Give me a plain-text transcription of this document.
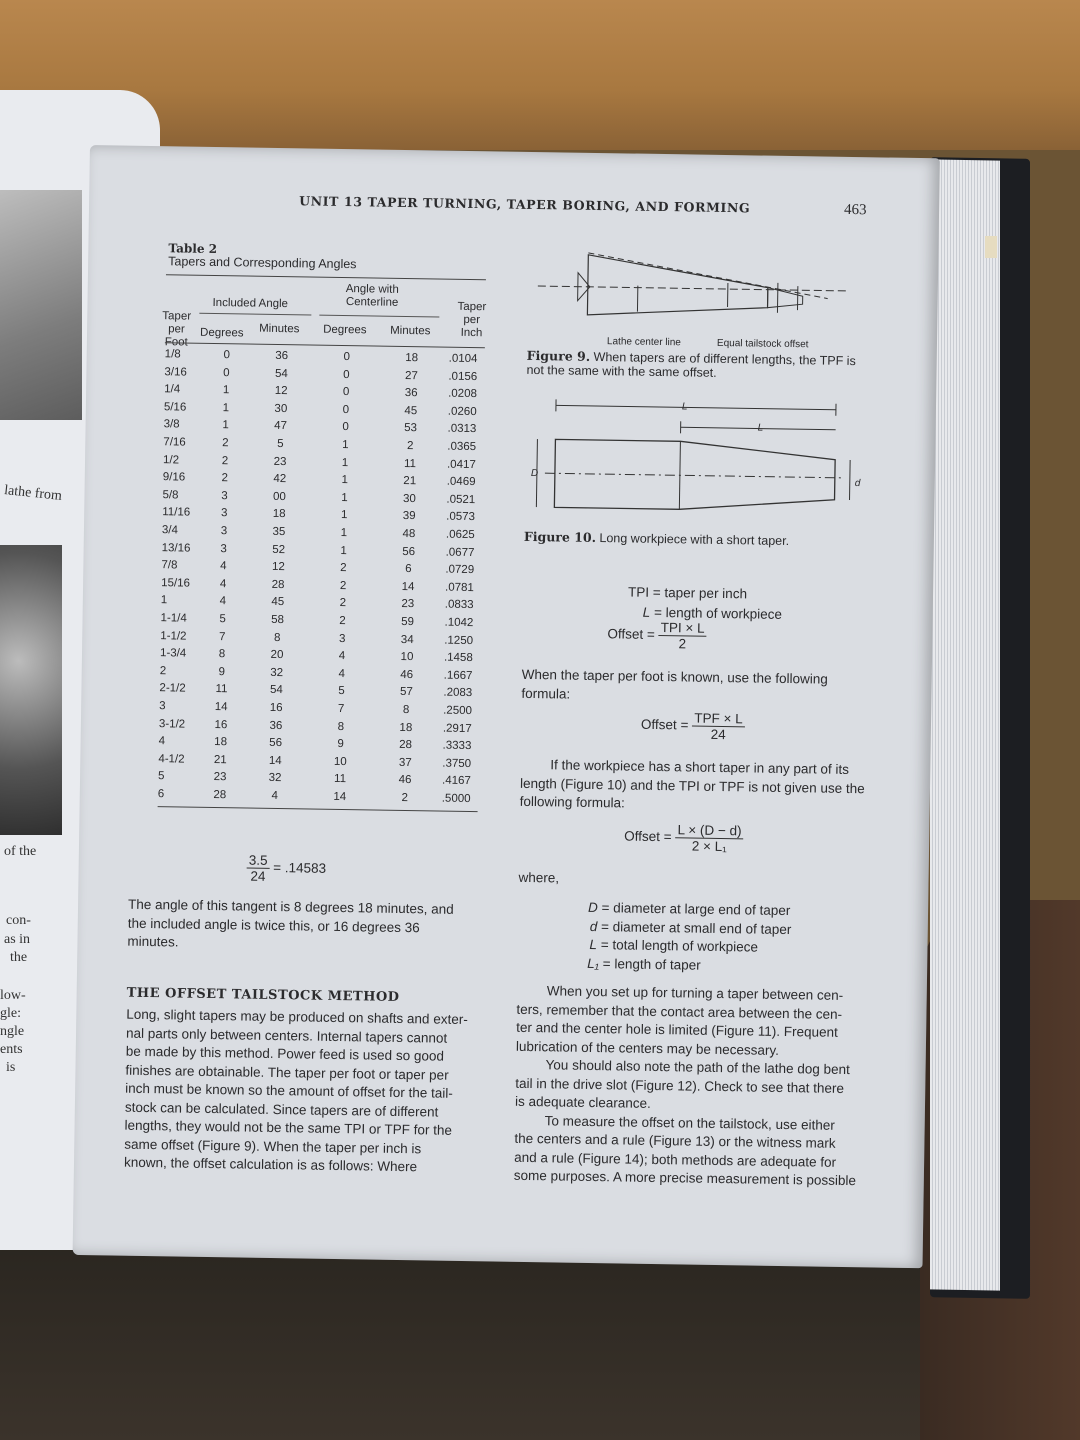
lathe from
of the
con-
as in
the
low-
gle:
ngle
ents
is
UNIT 13 TAPER TURNING, TAPER BORING, AND FORMING	463
Table 2
Tapers and Corresponding Angles
Angle with
Centerline
Included Angle
Taper
per
Foot
Taper
per
Inch
Degrees Minutes Degrees Minutes
1/8	0	36	0	18	.0104
3/16	0	54	0	27	.0156
1/4	1	12	0	36	.0208
5/16	1	30	0	45	.0260
3/8	1	47	0	53	.0313
7/16	2	5	1	2	.0365
1/2	2	23	1	11	.0417
9/16	2	42	1	21	.0469
5/8	3	00	1	30	.0521
11/16	3	18	1	39	.0573
3/4	3	35	1	48	.0625
13/16	3	52	1	56	.0677
7/8	4	12	2	6	.0729
15/16	4	28	2	14	.0781
1	4	45	2	23	.0833
1-1/4	5	58	2	59	.1042
1-1/2	7	8	3	34	.1250
1-3/4	8	20	4	10	.1458
2	9	32	4	46	.1667
2-1/2	11	54	5	57	.2083
3	14	16	7	8	.2500
3-1/2	16	36	8	18	.2917
4	18	56	9	28	.3333
4-1/2	21	14	10	37	.3750
5	23	32	11	46	.4167
6	28	4	14	2	.5000
$\frac{3.5}{24} = .14583$
The angle of this tangent is 8 degrees 18 minutes, and
the included angle is twice this, or 16 degrees 36
minutes.
THE OFFSET TAILSTOCK METHOD
Long, slight tapers may be produced on shafts and exter-
nal parts only between centers. Internal tapers cannot
be made by this method. Power feed is used so good
finishes are obtainable. The taper per foot or taper per
inch must be known so the amount of offset for the tail-
stock can be calculated. Since tapers are of different
lengths, they would not be the same TPI or TPF for the
same offset (Figure 9). When the taper per inch is
known, the offset calculation is as follows: Where
Lathe center line	Equal tailstock offset
Figure 9. When tapers are of different lengths, the TPF is
not the same with the same offset.
L
L
D
d
Figure 10. Long workpiece with a short taper.
TPI = taper per inch
L = length of workpiece
Offset = $\frac{\text{TPI × L}}{2}$
When the taper per foot is known, use the following
formula:
Offset = $\frac{\text{TPF × L}}{24}$
If the workpiece has a short taper in any part of its
length (Figure 10) and the TPI or TPF is not given use the
following formula:
Offset = $\frac{L \times (D - d)}{\text{2 × L₁}}$
where,
D = diameter at large end of taper
d = diameter at small end of taper
L = total length of workpiece
L₁ = length of taper
When you set up for turning a taper between cen-
ters, remember that the contact area between the cen-
ter and the center hole is limited (Figure 11). Frequent
lubrication of the centers may be necessary.
You should also note the path of the lathe dog bent
tail in the drive slot (Figure 12). Check to see that there
is adequate clearance.
To measure the offset on the tailstock, use either
the centers and a rule (Figure 13) or the witness mark
and a rule (Figure 14); both methods are adequate for
some purposes. A more precise measurement is possible
